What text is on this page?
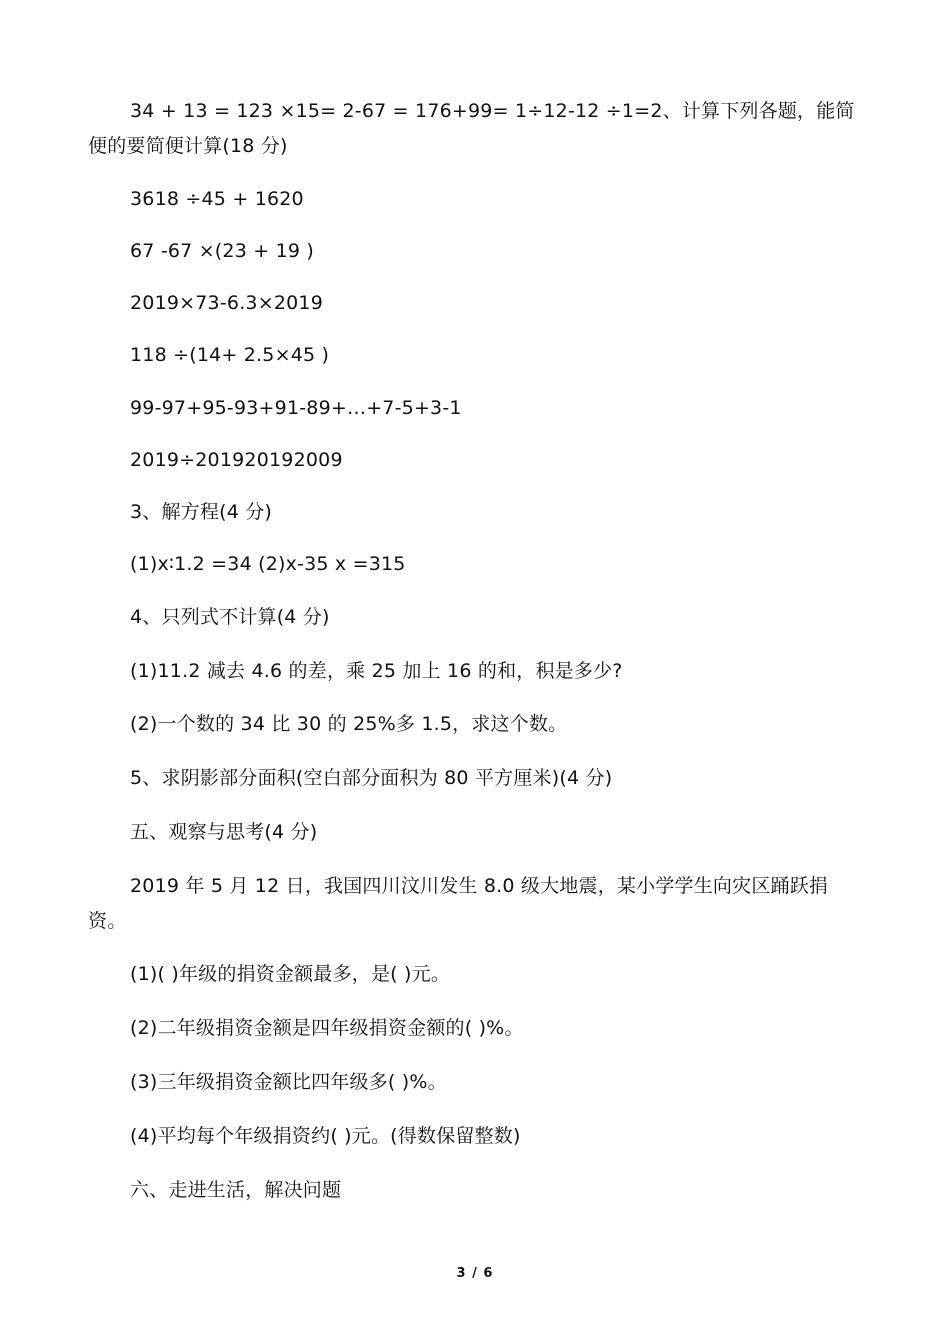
34 + 13 = 123 ×15= 2-67 = 176+99= 1÷12-12 ÷1=2、计算下列各题，能简便的要简便计算(18 分)
3618 ÷45 + 1620
67 -67 ×(23 + 19 )
2019×73-6.3×2019
118 ÷(14+ 2.5×45 )
99-97+95-93+91-89+…+7-5+3-1
2019÷201920192009
3、解方程(4 分)
(1)x∶1.2 =34 (2)x-35 x =315
4、只列式不计算(4 分)
(1)11.2 减去 4.6 的差，乘 25 加上 16 的和，积是多少?
(2)一个数的 34 比 30 的 25%多 1.5，求这个数。
5、求阴影部分面积(空白部分面积为 80 平方厘米)(4 分)
五、观察与思考(4 分)
2019 年 5 月 12 日，我国四川汶川发生 8.0 级大地震，某小学学生向灾区踊跃捐资。
(1)( )年级的捐资金额最多，是( )元。
(2)二年级捐资金额是四年级捐资金额的( )%。
(3)三年级捐资金额比四年级多( )%。
(4)平均每个年级捐资约( )元。(得数保留整数)
六、走进生活，解决问题
3 / 6
